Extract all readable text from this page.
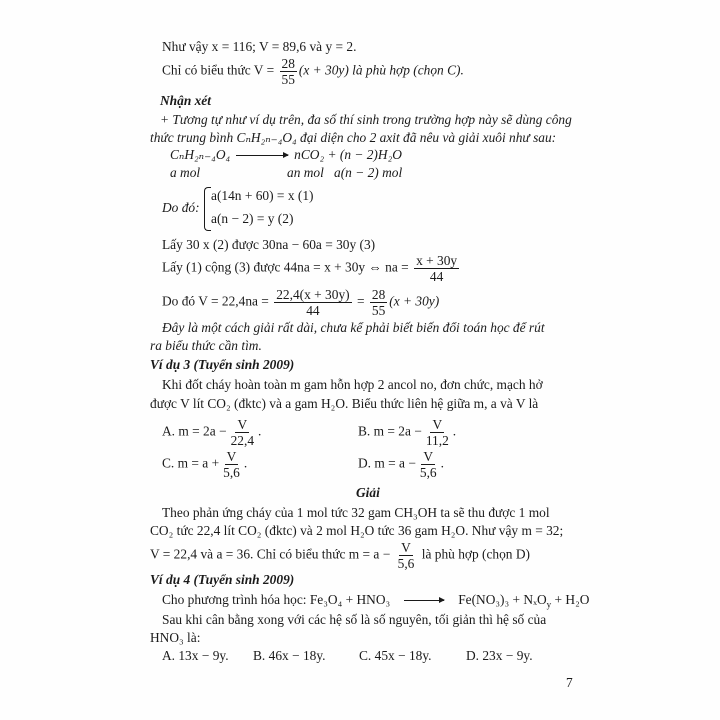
Như vậy x = 116; V = 89,6 và y = 2.
Chỉ có biểu thức $V = \frac{28}{55} (x + 30y)$ là phù hợp (chọn C).
Nhận xét
+ Tương tự như ví dụ trên, đa số thí sinh trong trường hợp này sẽ dùng công
thức trung bình CₙH₂ₙ₋₄O₄ đại diện cho 2 axit đã nêu và giải xuôi như sau:
CₙH₂ₙ₋₄O₄	nCO₂ + (n − 2)H₂O
a mol	an mol a(n − 2) mol
Do đó:
a(14n + 60) = x (1)
a(n − 2) = y (2)
Lấy 30 x (2) được 30na − 60a = 30y (3)
Lấy (1) cộng (3) được 44na = x + 30y ⇔ na = $\frac{x + 30y}{44}$
Do đó $V = 22,4na = \frac{22,4(x + 30y)}{44} = \frac{28}{55} (x + 30y)$
Đây là một cách giải rất dài, chưa kể phải biết biến đổi toán học để rút
ra biểu thức cần tìm.
Ví dụ 3 (Tuyển sinh 2009)
Khi đốt cháy hoàn toàn m gam hỗn hợp 2 ancol no, đơn chức, mạch hở
được V lít CO₂ (đktc) và a gam H₂O. Biểu thức liên hệ giữa m, a và V là
A. $m = 2a - \frac{V}{22,4}$ .	B. $m = 2a - \frac{V}{11,2}$ .
C. $m = a + \frac{V}{5,6}$ .	D. $m = a - \frac{V}{5,6}$ .
Giải
Theo phản ứng cháy của 1 mol tức 32 gam CH₃OH ta sẽ thu được 1 mol
CO₂ tức 22,4 lít CO₂ (đktc) và 2 mol H₂O tức 36 gam H₂O. Như vậy m = 32;
V = 22,4 và a = 36. Chỉ có biểu thức $m = a - \frac{V}{5,6}$ là phù hợp (chọn D)
Ví dụ 4 (Tuyển sinh 2009)
Cho phương trình hóa học: Fe₃O₄ + HNO₃	Fe(NO₃)₃ + NₓO$_y$ + H₂O
Sau khi cân bằng xong với các hệ số là số nguyên, tối giản thì hệ số của
HNO₃ là:
A. 13x − 9y. B. 46x − 18y. C. 45x − 18y.	D. 23x − 9y.
7
